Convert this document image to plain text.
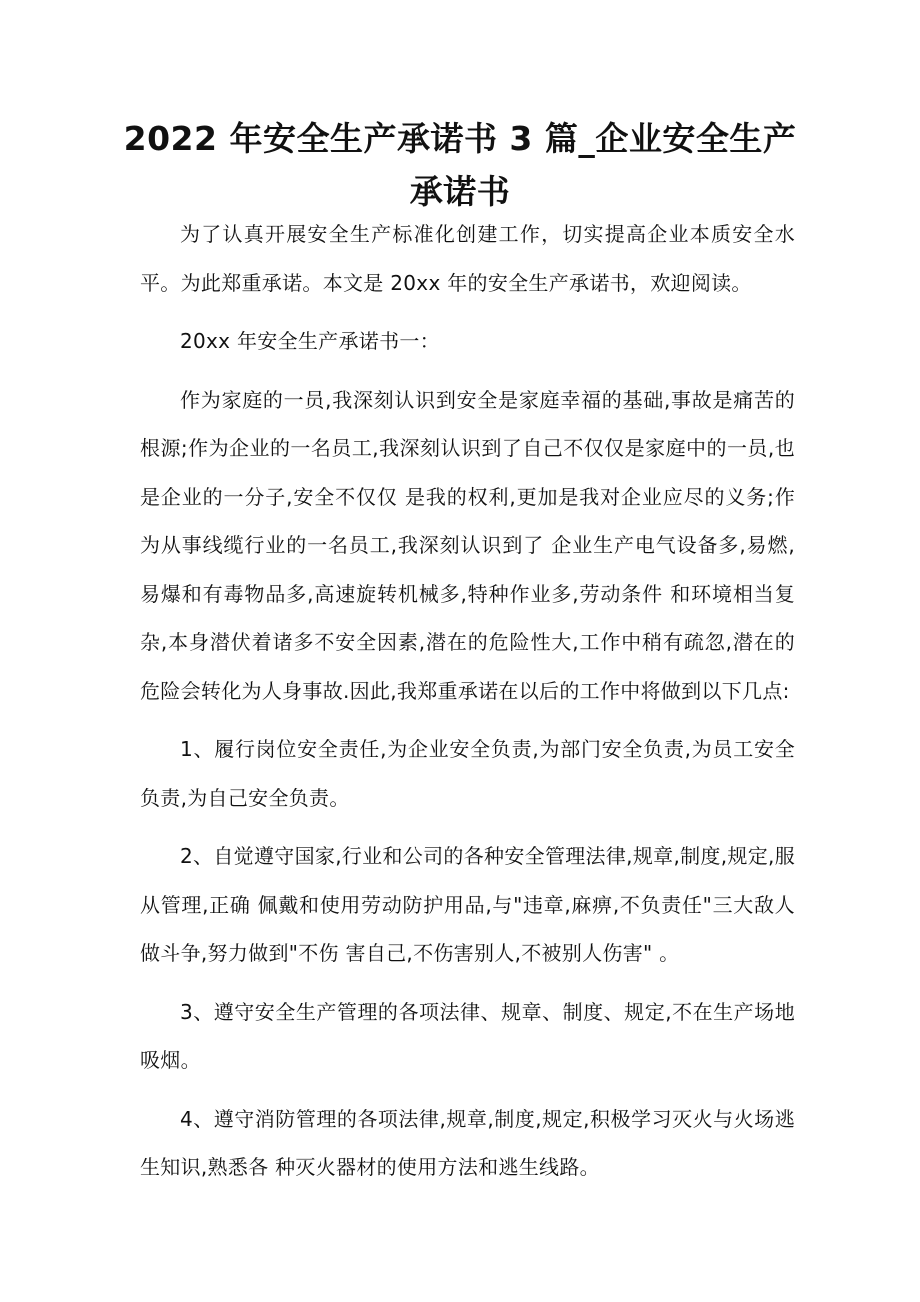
2022 年安全生产承诺书 3 篇_企业安全生产承诺书

为了认真开展安全生产标准化创建工作，切实提高企业本质安全水平。为此郑重承诺。本文是 20xx 年的安全生产承诺书，欢迎阅读。

20xx 年安全生产承诺书一：

作为家庭的一员,我深刻认识到安全是家庭幸福的基础,事故是痛苦的根源;作为企业的一名员工,我深刻认识到了自己不仅仅是家庭中的一员,也是企业的一分子,安全不仅仅 是我的权利,更加是我对企业应尽的义务;作为从事线缆行业的一名员工,我深刻认识到了 企业生产电气设备多,易燃,易爆和有毒物品多,高速旋转机械多,特种作业多,劳动条件 和环境相当复杂,本身潜伏着诸多不安全因素,潜在的危险性大,工作中稍有疏忽,潜在的危险会转化为人身事故.因此,我郑重承诺在以后的工作中将做到以下几点:

1、履行岗位安全责任,为企业安全负责,为部门安全负责,为员工安全负责,为自己安全负责。

2、自觉遵守国家,行业和公司的各种安全管理法律,规章,制度,规定,服从管理,正确 佩戴和使用劳动防护用品,与"违章,麻痹,不负责任"三大敌人做斗争,努力做到"不伤 害自己,不伤害别人,不被别人伤害" 。

3、遵守安全生产管理的各项法律、规章、制度、规定,不在生产场地吸烟。

4、遵守消防管理的各项法律,规章,制度,规定,积极学习灭火与火场逃生知识,熟悉各 种灭火器材的使用方法和逃生线路。
